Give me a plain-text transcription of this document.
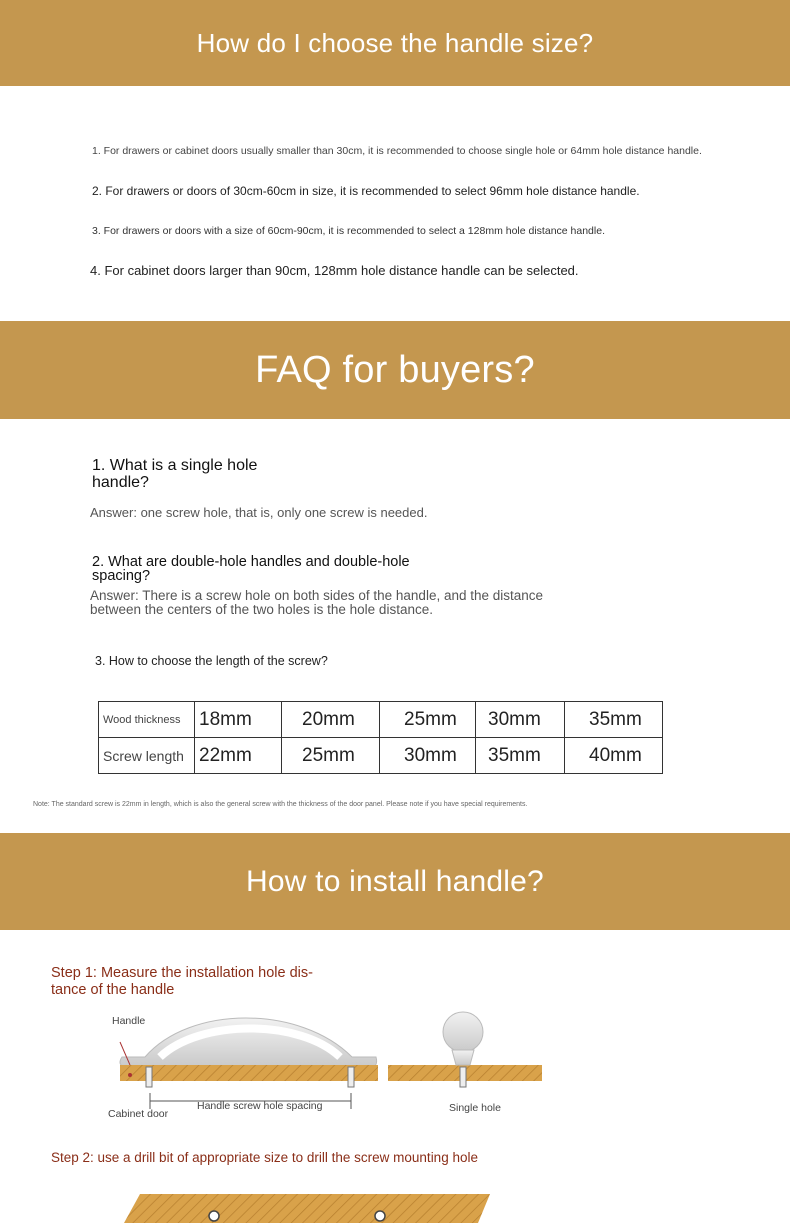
How do I choose the handle size?

1. For drawers or cabinet doors usually smaller than 30cm, it is recommended to choose single hole or 64mm hole distance handle.

2. For drawers or doors of 30cm-60cm in size, it is recommended to select 96mm hole distance handle.

3. For drawers or doors with a size of 60cm-90cm, it is recommended to select a 128mm hole distance handle.

4. For cabinet doors larger than 90cm, 128mm hole distance handle can be selected.

FAQ for buyers?

1. What is a single hole

handle?

Answer: one screw hole, that is, only one screw is needed.

2. What are double-hole handles and double-hole

spacing?

Answer: There is a screw hole on both sides of the handle, and the distance

between the centers of the two holes is the hole distance.

3. How to choose the length of the screw?

Wood thickness	18mm	20mm	25mm	30mm	35mm
Screw length	22mm	25mm	30mm	35mm	40mm

Note: The standard screw is 22mm in length, which is also the general screw with the thickness of the door panel. Please note if you have special requirements.

How to install handle?

Step 1: Measure the installation hole dis-

tance of the handle

Handle

Cabinet door

Handle screw hole spacing	Single hole

Step 2: use a drill bit of appropriate size to drill the screw mounting hole
